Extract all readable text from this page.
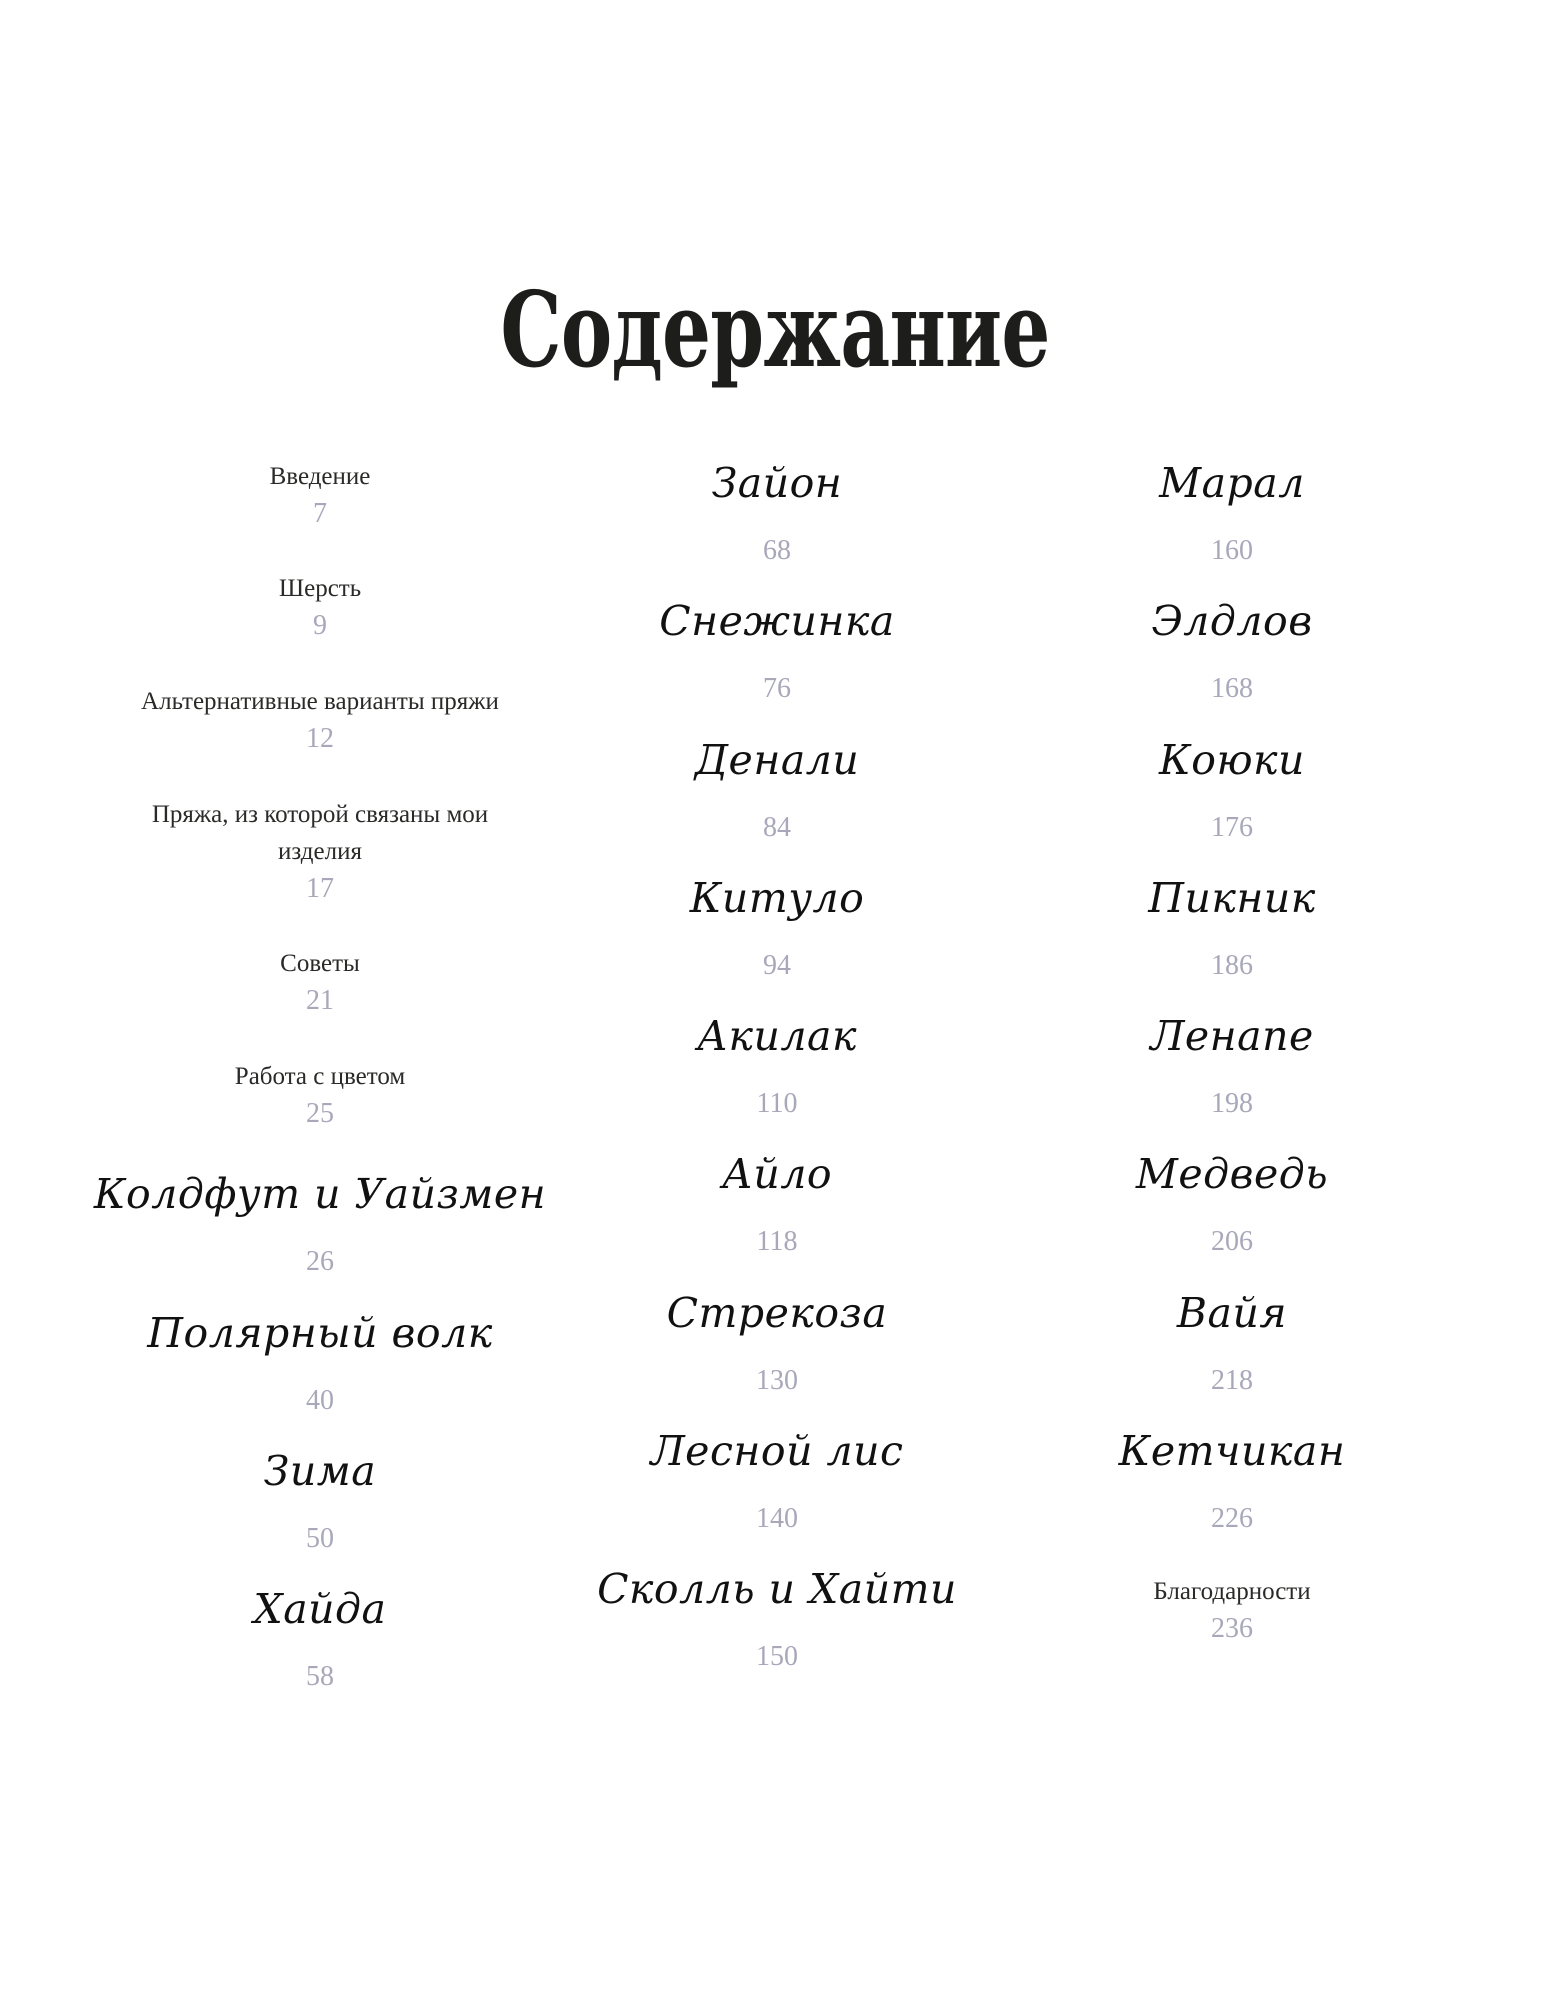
Содержание
Введение
7
Шерсть
9
Альтернативные варианты пряжи
12
Пряжа, из которой связаны мои изделия
17
Советы
21
Работа с цветом
25
Колдфут и Уайзмен
26
Полярный волк
40
Зима
50
Хайда
58
Зайон
68
Снежинка
76
Денали
84
Китуло
94
Акилак
110
Айло
118
Стрекоза
130
Лесной лис
140
Сколль и Хайти
150
Марал
160
Элдлов
168
Коюки
176
Пикник
186
Ленапе
198
Медведь
206
Вайя
218
Кетчикан
226
Благодарности
236
